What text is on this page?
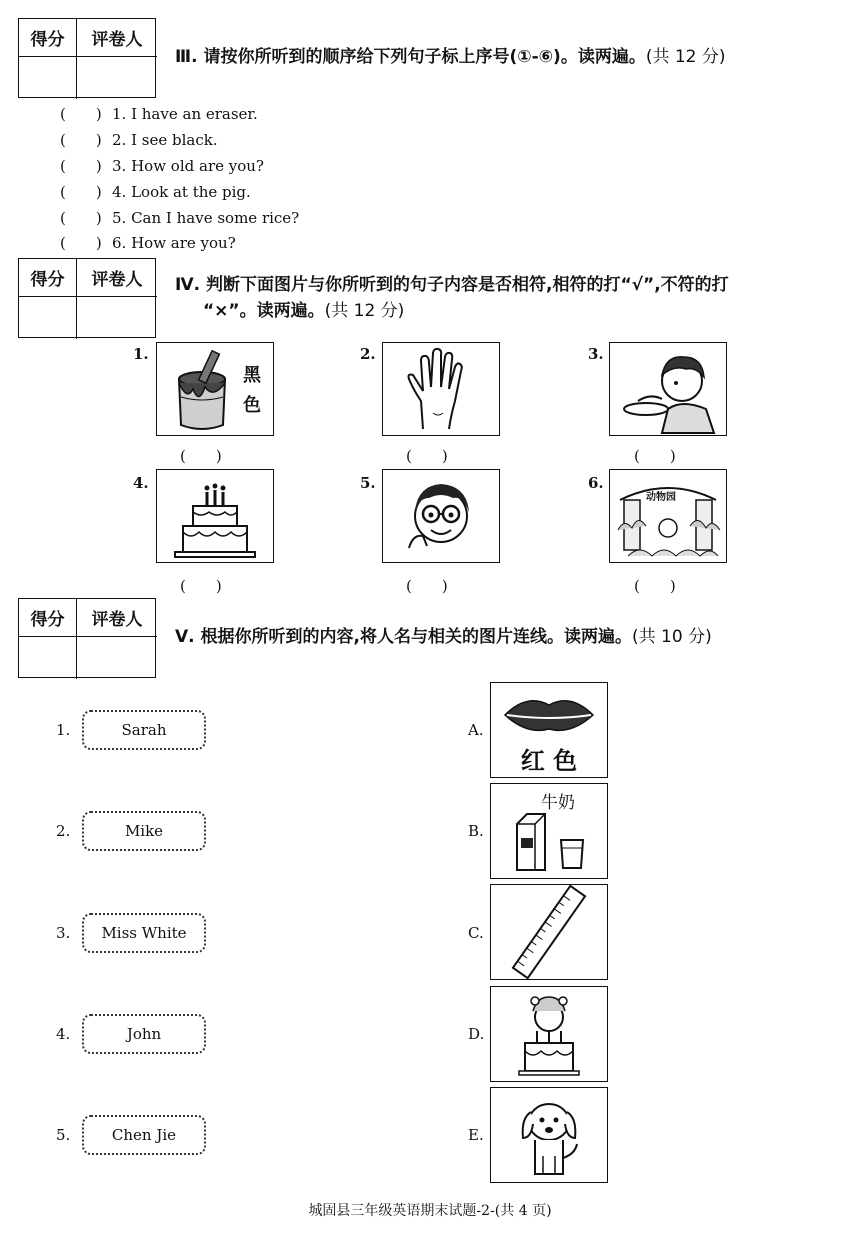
得分	评卷人
Ⅲ. 请按你所听到的顺序给下列句子标上序号(①-⑥)。读两遍。(共 12 分)
(　　) 1. I have an eraser.
(　　) 2. I see black.
(　　) 3. How old are you?
(　　) 4. Look at the pig.
(　　) 5. Can I have some rice?
(　　) 6. How are you?
得分	评卷人	Ⅳ. 判断下面图片与你所听到的句子内容是否相符,相符的打“√”,不符的打
“×”。读两遍。(共 12 分)
1.
黑
色
(　　)
2.
(　　)
3.
(　　)
4.
(　　)
5.
(　　)
6.
动物园
(　　)
得分	评卷人
Ⅴ. 根据你所听到的内容,将人名与相关的图片连线。读两遍。(共 10 分)
1.	Sarah
2.	Mike
3. Miss White
4.	John
5.	Chen Jie
A.
红 色
B.
牛奶
C.
D.
E.
城固县三年级英语期末试题-2-(共 4 页)
